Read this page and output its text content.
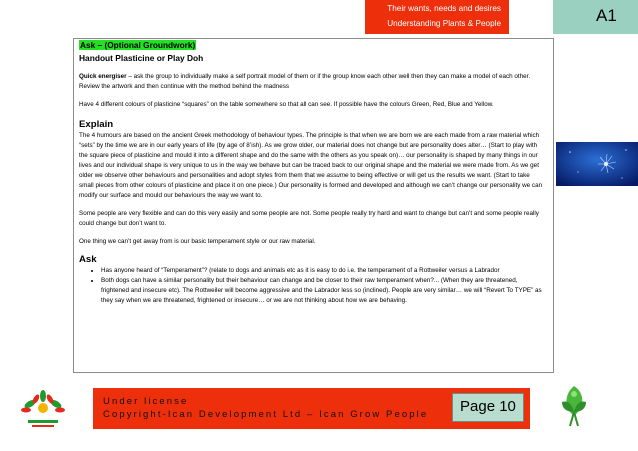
Their wants, needs and desires
Understanding Plants & People	A1
Ask – (Optional Groundwork)
Handout Plasticine or Play Doh

Quick energiser – ask the group to individually make a self portrait model of them or if the group know each other well then they can make a model of each other. Review the artwork and then continue with the method behind the madness

Have 4 different colours of plasticine “squares” on the table somewhere so that all can see. If possible have the colours Green, Red, Blue and Yellow.

Explain

The 4 humours are based on the ancient Greek methodology of behaviour types. The principle is that when we are born we are each made from a raw material which “sets” by the time we are in our early years of life (by age of 8’ish). As we grow older, our material does not change but are personality does alter… (Start to play with the square piece of plasticine and mould it into a different shape and do the same with the others as you speak on)… our personality is shaped by many things in our lives and our individual shape is very unique to us in the way we behave but can be traced back to our original shape and the material we were made from. As we get older we observe other behaviours and personalities and adopt styles from them that we assume to being effective or will get us the results we want. (Start to take small pieces from other colours of plasticine and place it on one piece.) Our personality is formed and developed and although we can’t change our personality we can modify our surface and mould our behaviours the way we want to.

Some people are very flexible and can do this very easily and some people are not. Some people really try hard and want to change but can’t and some people really could change but don’t want to.

One thing we can’t get away from is our basic temperament style or our raw material.

Ask
• Has anyone heard of “Temperament”? (relate to dogs and animals etc as it is easy to do i.e. the temperament of a Rottweiler versus a Labrador
• Both dogs can have a similar personality but their behaviour can change and be closer to their raw temperament when?... (When they are threatened, frightened and insecure etc). The Rottweiler will become aggressive and the Labrador less so (inclined). People are very similar… we will “Revert To TYPE” as they say when we are threatened, frightened or insecure… or we are not thinking about how we are behaving.
Under license
Copyright-Ican Development Ltd – Ican Grow People Page 10
